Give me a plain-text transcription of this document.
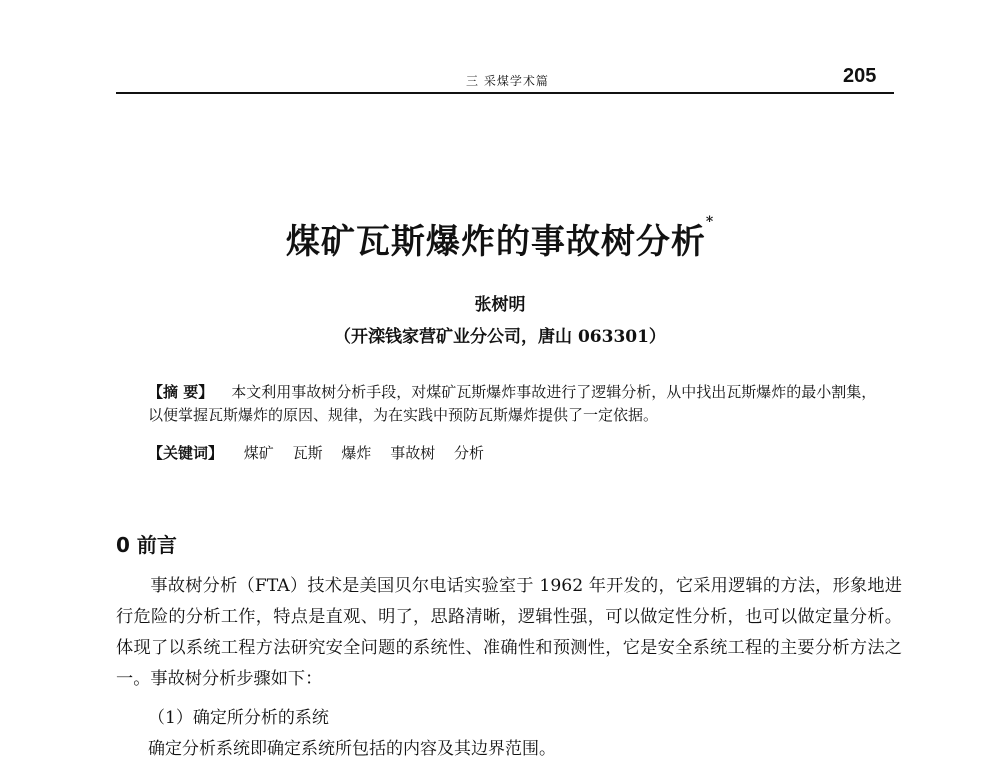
三 采煤学术篇	205
煤矿瓦斯爆炸的事故树分析*
张树明
（开滦钱家营矿业分公司，唐山 063301）
【摘 要】 本文利用事故树分析手段，对煤矿瓦斯爆炸事故进行了逻辑分析，从中找出瓦斯爆炸的最小割集，以便掌握瓦斯爆炸的原因、规律，为在实践中预防瓦斯爆炸提供了一定依据。
【关键词】 煤矿 瓦斯 爆炸 事故树 分析
0 前言

事故树分析（FTA）技术是美国贝尔电话实验室于 1962 年开发的，它采用逻辑的方法，形象地进行危险的分析工作，特点是直观、明了，思路清晰，逻辑性强，可以做定性分析，也可以做定量分析。体现了以系统工程方法研究安全问题的系统性、准确性和预测性，它是安全系统工程的主要分析方法之一。事故树分析步骤如下：

（1）确定所分析的系统
确定分析系统即确定系统所包括的内容及其边界范围。
